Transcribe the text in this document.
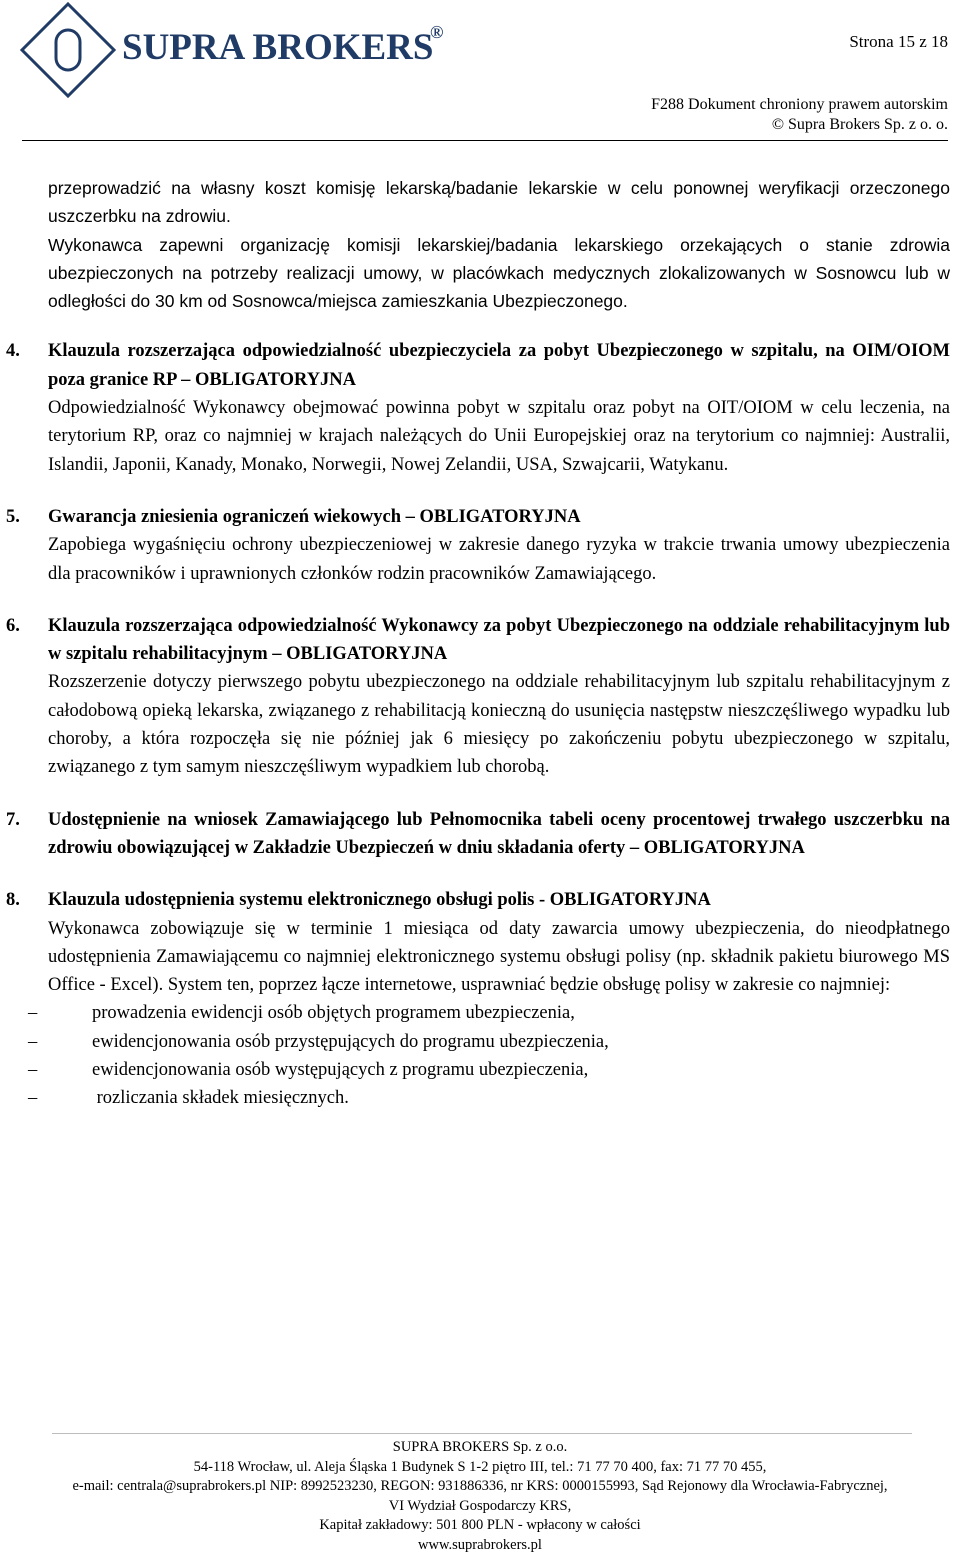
SUPRA BROKERS
®	Strona 15 z 18
F288 Dokument chroniony prawem autorskim
© Supra Brokers Sp. z o. o.

przeprowadzić na własny koszt komisję lekarską/badanie lekarskie w celu ponownej weryfikacji orzeczonego uszczerbku na zdrowiu.

Wykonawca zapewni organizację komisji lekarskiej/badania lekarskiego orzekających o stanie zdrowia ubezpieczonych na potrzeby realizacji umowy, w placówkach medycznych zlokalizowanych w Sosnowcu lub w odległości do 30 km od Sosnowca/miejsca zamieszkania Ubezpieczonego.

4. Klauzula rozszerzająca odpowiedzialność ubezpieczyciela za pobyt Ubezpieczonego w szpitalu, na OIM/OIOM poza granice RP – OBLIGATORYJNA

Odpowiedzialność Wykonawcy obejmować powinna pobyt w szpitalu oraz pobyt na OIT/OIOM w celu leczenia, na terytorium RP, oraz co najmniej w krajach należących do Unii Europejskiej oraz na terytorium co najmniej: Australii, Islandii, Japonii, Kanady, Monako, Norwegii, Nowej Zelandii, USA, Szwajcarii, Watykanu.

5. Gwarancja zniesienia ograniczeń wiekowych – OBLIGATORYJNA

Zapobiega wygaśnięciu ochrony ubezpieczeniowej w zakresie danego ryzyka w trakcie trwania umowy ubezpieczenia dla pracowników i uprawnionych członków rodzin pracowników Zamawiającego.

6. Klauzula rozszerzająca odpowiedzialność Wykonawcy za pobyt Ubezpieczonego na oddziale rehabilitacyjnym lub w szpitalu rehabilitacyjnym – OBLIGATORYJNA

Rozszerzenie dotyczy pierwszego pobytu ubezpieczonego na oddziale rehabilitacyjnym lub szpitalu rehabilitacyjnym z całodobową opieką lekarska, związanego z rehabilitacją konieczną do usunięcia następstw nieszczęśliwego wypadku lub choroby, a która rozpoczęła się nie później jak 6 miesięcy po zakończeniu pobytu ubezpieczonego w szpitalu, związanego z tym samym nieszczęśliwym wypadkiem lub chorobą.

7. Udostępnienie na wniosek Zamawiającego lub Pełnomocnika tabeli oceny procentowej trwałego uszczerbku na zdrowiu obowiązującej w Zakładzie Ubezpieczeń w dniu składania oferty – OBLIGATORYJNA
8. Klauzula udostępnienia systemu elektronicznego obsługi polis - OBLIGATORYJNA

Wykonawca zobowiązuje się w terminie 1 miesiąca od daty zawarcia umowy ubezpieczenia, do nieodpłatnego udostępnienia Zamawiającemu co najmniej elektronicznego systemu obsługi polisy (np. składnik pakietu biurowego MS Office - Excel). System ten, poprzez łącze internetowe, usprawniać będzie obsługę polisy w zakresie co najmniej:

–	prowadzenia ewidencji osób objętych programem ubezpieczenia,
–	ewidencjonowania osób przystępujących do programu ubezpieczenia,
–	ewidencjonowania osób występujących z programu ubezpieczenia,
–	rozliczania składek miesięcznych.
SUPRA BROKERS Sp. z o.o.
54-118 Wrocław, ul. Aleja Śląska 1 Budynek S 1-2 piętro III, tel.: 71 77 70 400, fax: 71 77 70 455,
e-mail: centrala@suprabrokers.pl NIP: 8992523230, REGON: 931886336, nr KRS: 0000155993, Sąd Rejonowy dla Wrocławia-Fabrycznej,
VI Wydział Gospodarczy KRS,
Kapitał zakładowy: 501 800 PLN - wpłacony w całości
www.suprabrokers.pl
